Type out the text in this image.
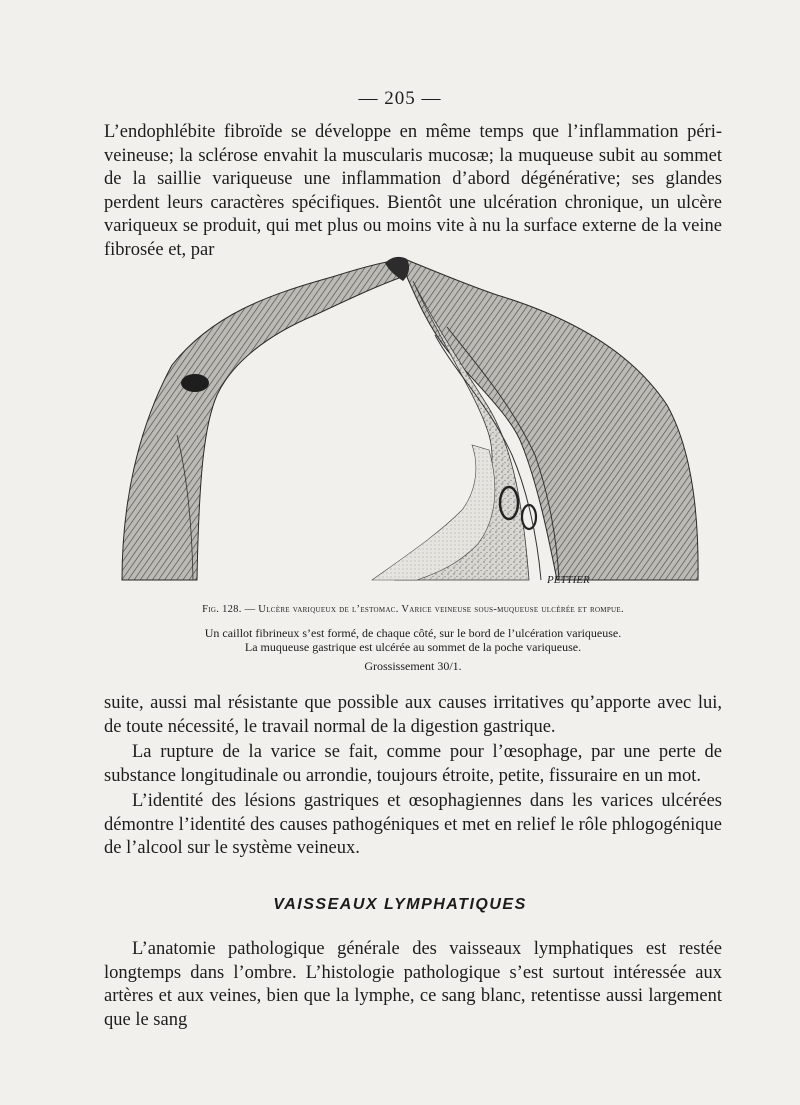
— 205 —

L’endophlébite fibroïde se développe en même temps que l’inflammation péri-veineuse; la sclérose envahit la muscularis mucosæ; la muqueuse subit au sommet de la saillie variqueuse une inflammation d’abord dégénérative; ses glandes perdent leurs caractères spécifiques. Bientôt une ulcération chronique, un ulcère variqueux se produit, qui met plus ou moins vite à nu la surface externe de la veine fibrosée et, par

PETTIER

Fig. 128. — Ulcère variqueux de l’estomac. Varice veineuse sous-muqueuse ulcérée et rompue.

Un caillot fibrineux s’est formé, de chaque côté, sur le bord de l’ulcération variqueuse.

La muqueuse gastrique est ulcérée au sommet de la poche variqueuse.

Grossissement 30/1.

suite, aussi mal résistante que possible aux causes irritatives qu’apporte avec lui, de toute nécessité, le travail normal de la digestion gastrique.

La rupture de la varice se fait, comme pour l’œsophage, par une perte de substance longitudinale ou arrondie, toujours étroite, petite, fissuraire en un mot.

L’identité des lésions gastriques et œsophagiennes dans les varices ulcérées démontre l’identité des causes pathogéniques et met en relief le rôle phlogogénique de l’alcool sur le système veineux.

VAISSEAUX LYMPHATIQUES

L’anatomie pathologique générale des vaisseaux lymphatiques est restée longtemps dans l’ombre. L’histologie pathologique s’est surtout intéressée aux artères et aux veines, bien que la lymphe, ce sang blanc, retentisse aussi largement que le sang
